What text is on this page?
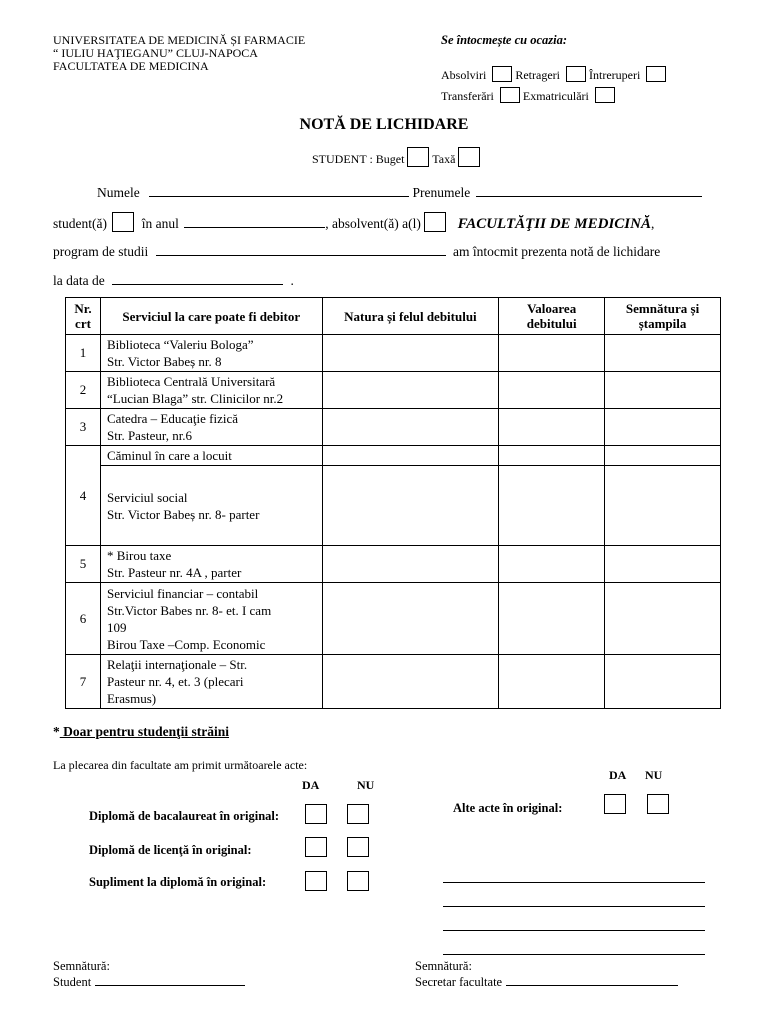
UNIVERSITATEA DE MEDICINĂ ȘI FARMACIE
“ IULIU HAŢIEGANU” CLUJ-NAPOCA
FACULTATEA DE MEDICINA
Se întocmește cu ocazia:
Absolviri Retrageri Întreruperi
Transferări Exmatriculări
NOTĂ DE LICHIDARE
STUDENT : Buget Taxă
Numele	Prenumele
student(ă)	în anul	, absolvent(ă) a(l) FACULTĂŢII DE MEDICINĂ,
program de studii	am întocmit prezenta notă de lichidare
la data de	.
Nr. crt	Serviciul la care poate fi debitor	Natura și felul debitului	Valoarea debitului	Semnătura și ștampila
1	Biblioteca “Valeriu Bologa”
Str. Victor Babeș nr. 8			

2	Biblioteca Centrală Universitară
“Lucian Blaga” str. Clinicilor nr.2			

3	Catedra – Educaţie fizică
Str. Pasteur, nr.6			

4	Căminul în care a locuit			

	Serviciul social
Str. Victor Babeș nr. 8- parter			

5	* Birou taxe
Str. Pasteur nr. 4A , parter			

6	Serviciul financiar – contabil
Str.Victor Babes nr. 8- et. I cam
109
Birou Taxe –Comp. Economic			

7	Relaţii internaţionale – Str.
Pasteur nr. 4, et. 3 (plecari
Erasmus)			

* Doar pentru studenţii străini
La plecarea din facultate am primit următoarele acte:
DA	NU
Diplomă de bacalaureat în original:
Diplomă de licenţă în original:
Supliment la diplomă în original:
DA NU
Alte acte în original:
Semnătură:
Student
Semnătură:
Secretar facultate
